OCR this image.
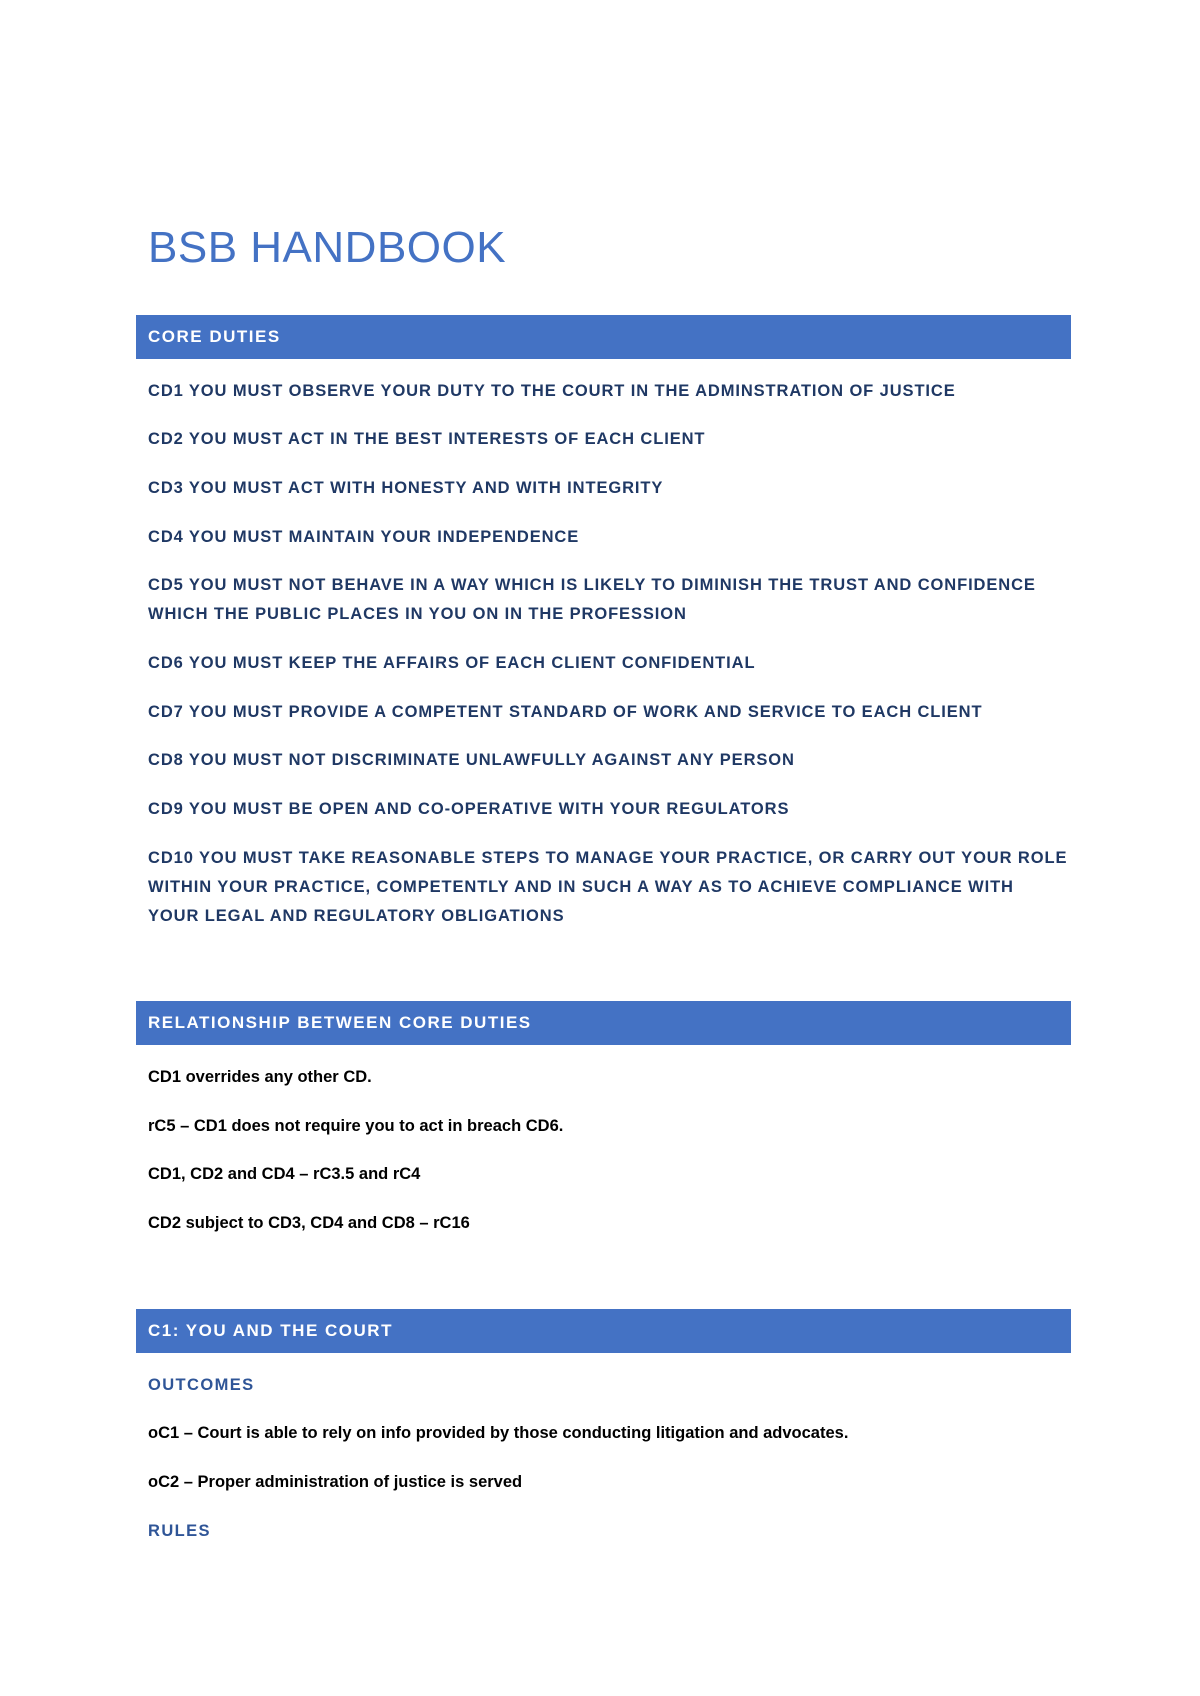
BSB HANDBOOK
CORE DUTIES

CD1 YOU MUST OBSERVE YOUR DUTY TO THE COURT IN THE ADMINSTRATION OF JUSTICE

CD2 YOU MUST ACT IN THE BEST INTERESTS OF EACH CLIENT

CD3 YOU MUST ACT WITH HONESTY AND WITH INTEGRITY

CD4 YOU MUST MAINTAIN YOUR INDEPENDENCE

CD5 YOU MUST NOT BEHAVE IN A WAY WHICH IS LIKELY TO DIMINISH THE TRUST AND CONFIDENCE WHICH THE PUBLIC PLACES IN YOU ON IN THE PROFESSION

CD6 YOU MUST KEEP THE AFFAIRS OF EACH CLIENT CONFIDENTIAL

CD7 YOU MUST PROVIDE A COMPETENT STANDARD OF WORK AND SERVICE TO EACH CLIENT

CD8 YOU MUST NOT DISCRIMINATE UNLAWFULLY AGAINST ANY PERSON

CD9 YOU MUST BE OPEN AND CO-OPERATIVE WITH YOUR REGULATORS

CD10 YOU MUST TAKE REASONABLE STEPS TO MANAGE YOUR PRACTICE, OR CARRY OUT YOUR ROLE WITHIN YOUR PRACTICE, COMPETENTLY AND IN SUCH A WAY AS TO ACHIEVE COMPLIANCE WITH YOUR LEGAL AND REGULATORY OBLIGATIONS

RELATIONSHIP BETWEEN CORE DUTIES

CD1 overrides any other CD.

rC5 – CD1 does not require you to act in breach CD6.

CD1, CD2 and CD4 – rC3.5 and rC4

CD2 subject to CD3, CD4 and CD8 – rC16

C1: YOU AND THE COURT

OUTCOMES

oC1 – Court is able to rely on info provided by those conducting litigation and advocates.

oC2 – Proper administration of justice is served

RULES
